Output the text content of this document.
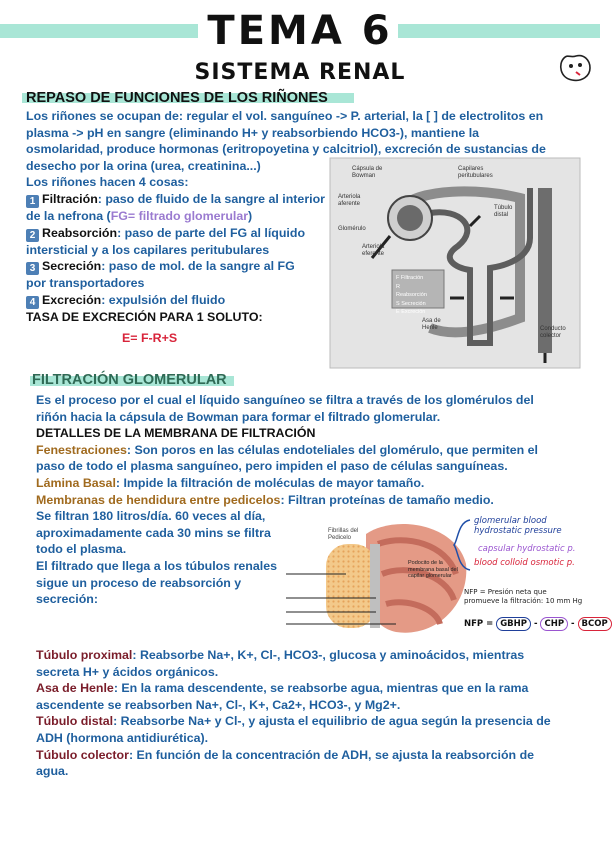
TEMA 6
SISTEMA RENAL
REPASO DE FUNCIONES DE LOS RIÑONES
Los riñones se ocupan de: regular el vol. sanguíneo -> P. arterial, la [ ] de electrolitos en
plasma -> pH en sangre (eliminando H+ y reabsorbiendo HCO3-), mantiene la
osmolaridad, produce hormonas (eritropoyetina y calcitriol), excreción de sustancias de
desecho por la orina (urea, creatinina...)
Los riñones hacen 4 cosas:
1 Filtración: paso de fluido de la sangre al interior
de la nefrona (FG= filtrado glomerular)
2 Reabsorción: paso de parte del FG al líquido
intersticial y a los capilares peritubulares
3 Secreción: paso de mol. de la sangre al FG
por transportadores
4 Excreción: expulsión del fluido
TASA DE EXCRECIÓN PARA 1 SOLUTO:
E= F-R+S
Cápsula de Bowman
Capilares peritubulares
Arteriola aferente
Glomérulo
Arteriola eferente
Túbulo distal
Asa de Henle	Conducto colector
F Filtración
R Reabsorción
S Secreción
E Excreción
FILTRACIÓN GLOMERULAR
Es el proceso por el cual el líquido sanguíneo se filtra a través de los glomérulos del
riñón hacia la cápsula de Bowman para formar el filtrado glomerular.
DETALLES DE LA MEMBRANA DE FILTRACIÓN
Fenestraciones: Son poros en las células endoteliales del glomérulo, que permiten el
paso de todo el plasma sanguíneo, pero impiden el paso de células sanguíneas.
Lámina Basal: Impide la filtración de moléculas de mayor tamaño.
Membranas de hendidura entre pedicelos: Filtran proteínas de tamaño medio.
Se filtran 180 litros/día. 60 veces al día,
aproximadamente cada 30 mins se filtra
todo el plasma.
El filtrado que llega a los túbulos renales
sigue un proceso de reabsorción y
secreción:
Fibrillas del Pedicelo
Podocito de la membrana basal del capilar glomerular
glomerular blood hydrostatic pressure
capsular hydrostatic p.
blood colloid osmotic p.
NFP = Presión neta que
promueve la filtración: 10 mm Hg
NFP = GBHP - CHP - BCOP
Túbulo proximal: Reabsorbe Na+, K+, Cl-, HCO3-, glucosa y aminoácidos, mientras
secreta H+ y ácidos orgánicos.
Asa de Henle: En la rama descendente, se reabsorbe agua, mientras que en la rama
ascendente se reabsorben Na+, Cl-, K+, Ca2+, HCO3-, y Mg2+.
Túbulo distal: Reabsorbe Na+ y Cl-, y ajusta el equilibrio de agua según la presencia de
ADH (hormona antidiurética).
Túbulo colector: En función de la concentración de ADH, se ajusta la reabsorción de
agua.
